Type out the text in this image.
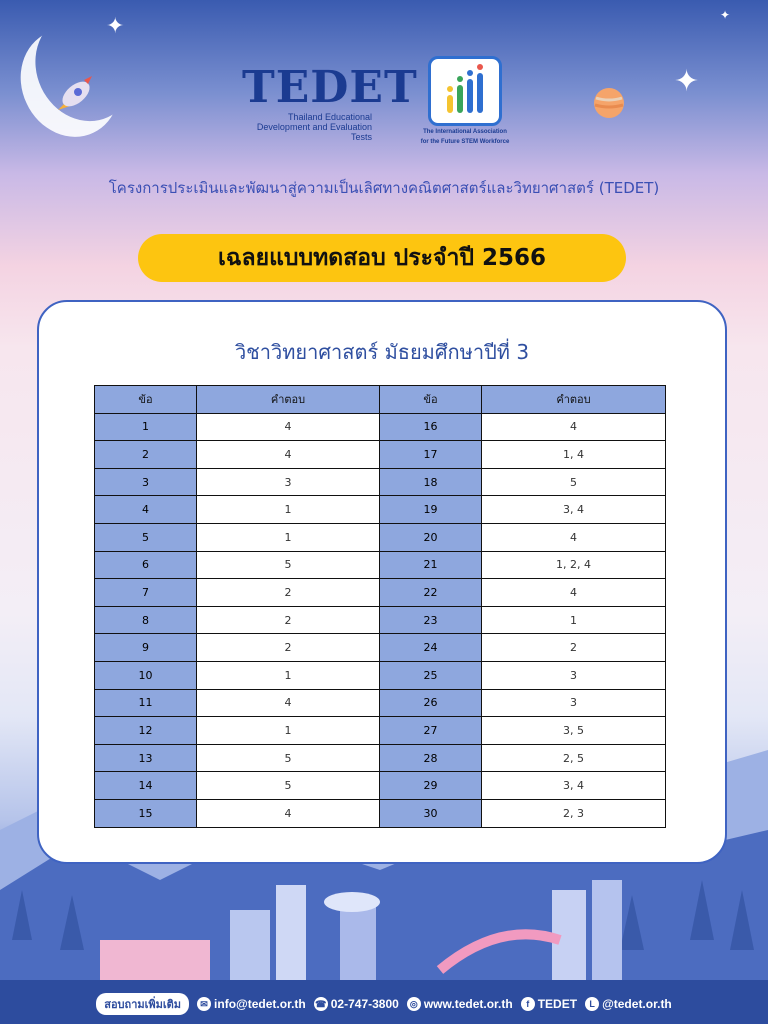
✦
✦
✦
TEDET
Thailand Educational
Development and Evaluation Tests	The International Association
for the Future STEM Workforce
โครงการประเมินและพัฒนาสู่ความเป็นเลิศทางคณิตศาสตร์และวิทยาศาสตร์ (TEDET)
เฉลยแบบทดสอบ ประจำปี 2566
วิชาวิทยาศาสตร์ มัธยมศึกษาปีที่ 3
ข้อ	คำตอบ	ข้อ	คำตอบ
1	4	16	4
2	4	17	1, 4
3	3	18	5
4	1	19	3, 4
5	1	20	4
6	5	21	1, 2, 4
7	2	22	4
8	2	23	1
9	2	24	2
10	1	25	3
11	4	26	3
12	1	27	3, 5
13	5	28	2, 5
14	5	29	3, 4
15	4	30	2, 3
สอบถามเพิ่มเติม	✉ info@tedet.or.th ☎ 02-747-3800	◎ www.tedet.or.th	f TEDET	L @tedet.or.th
